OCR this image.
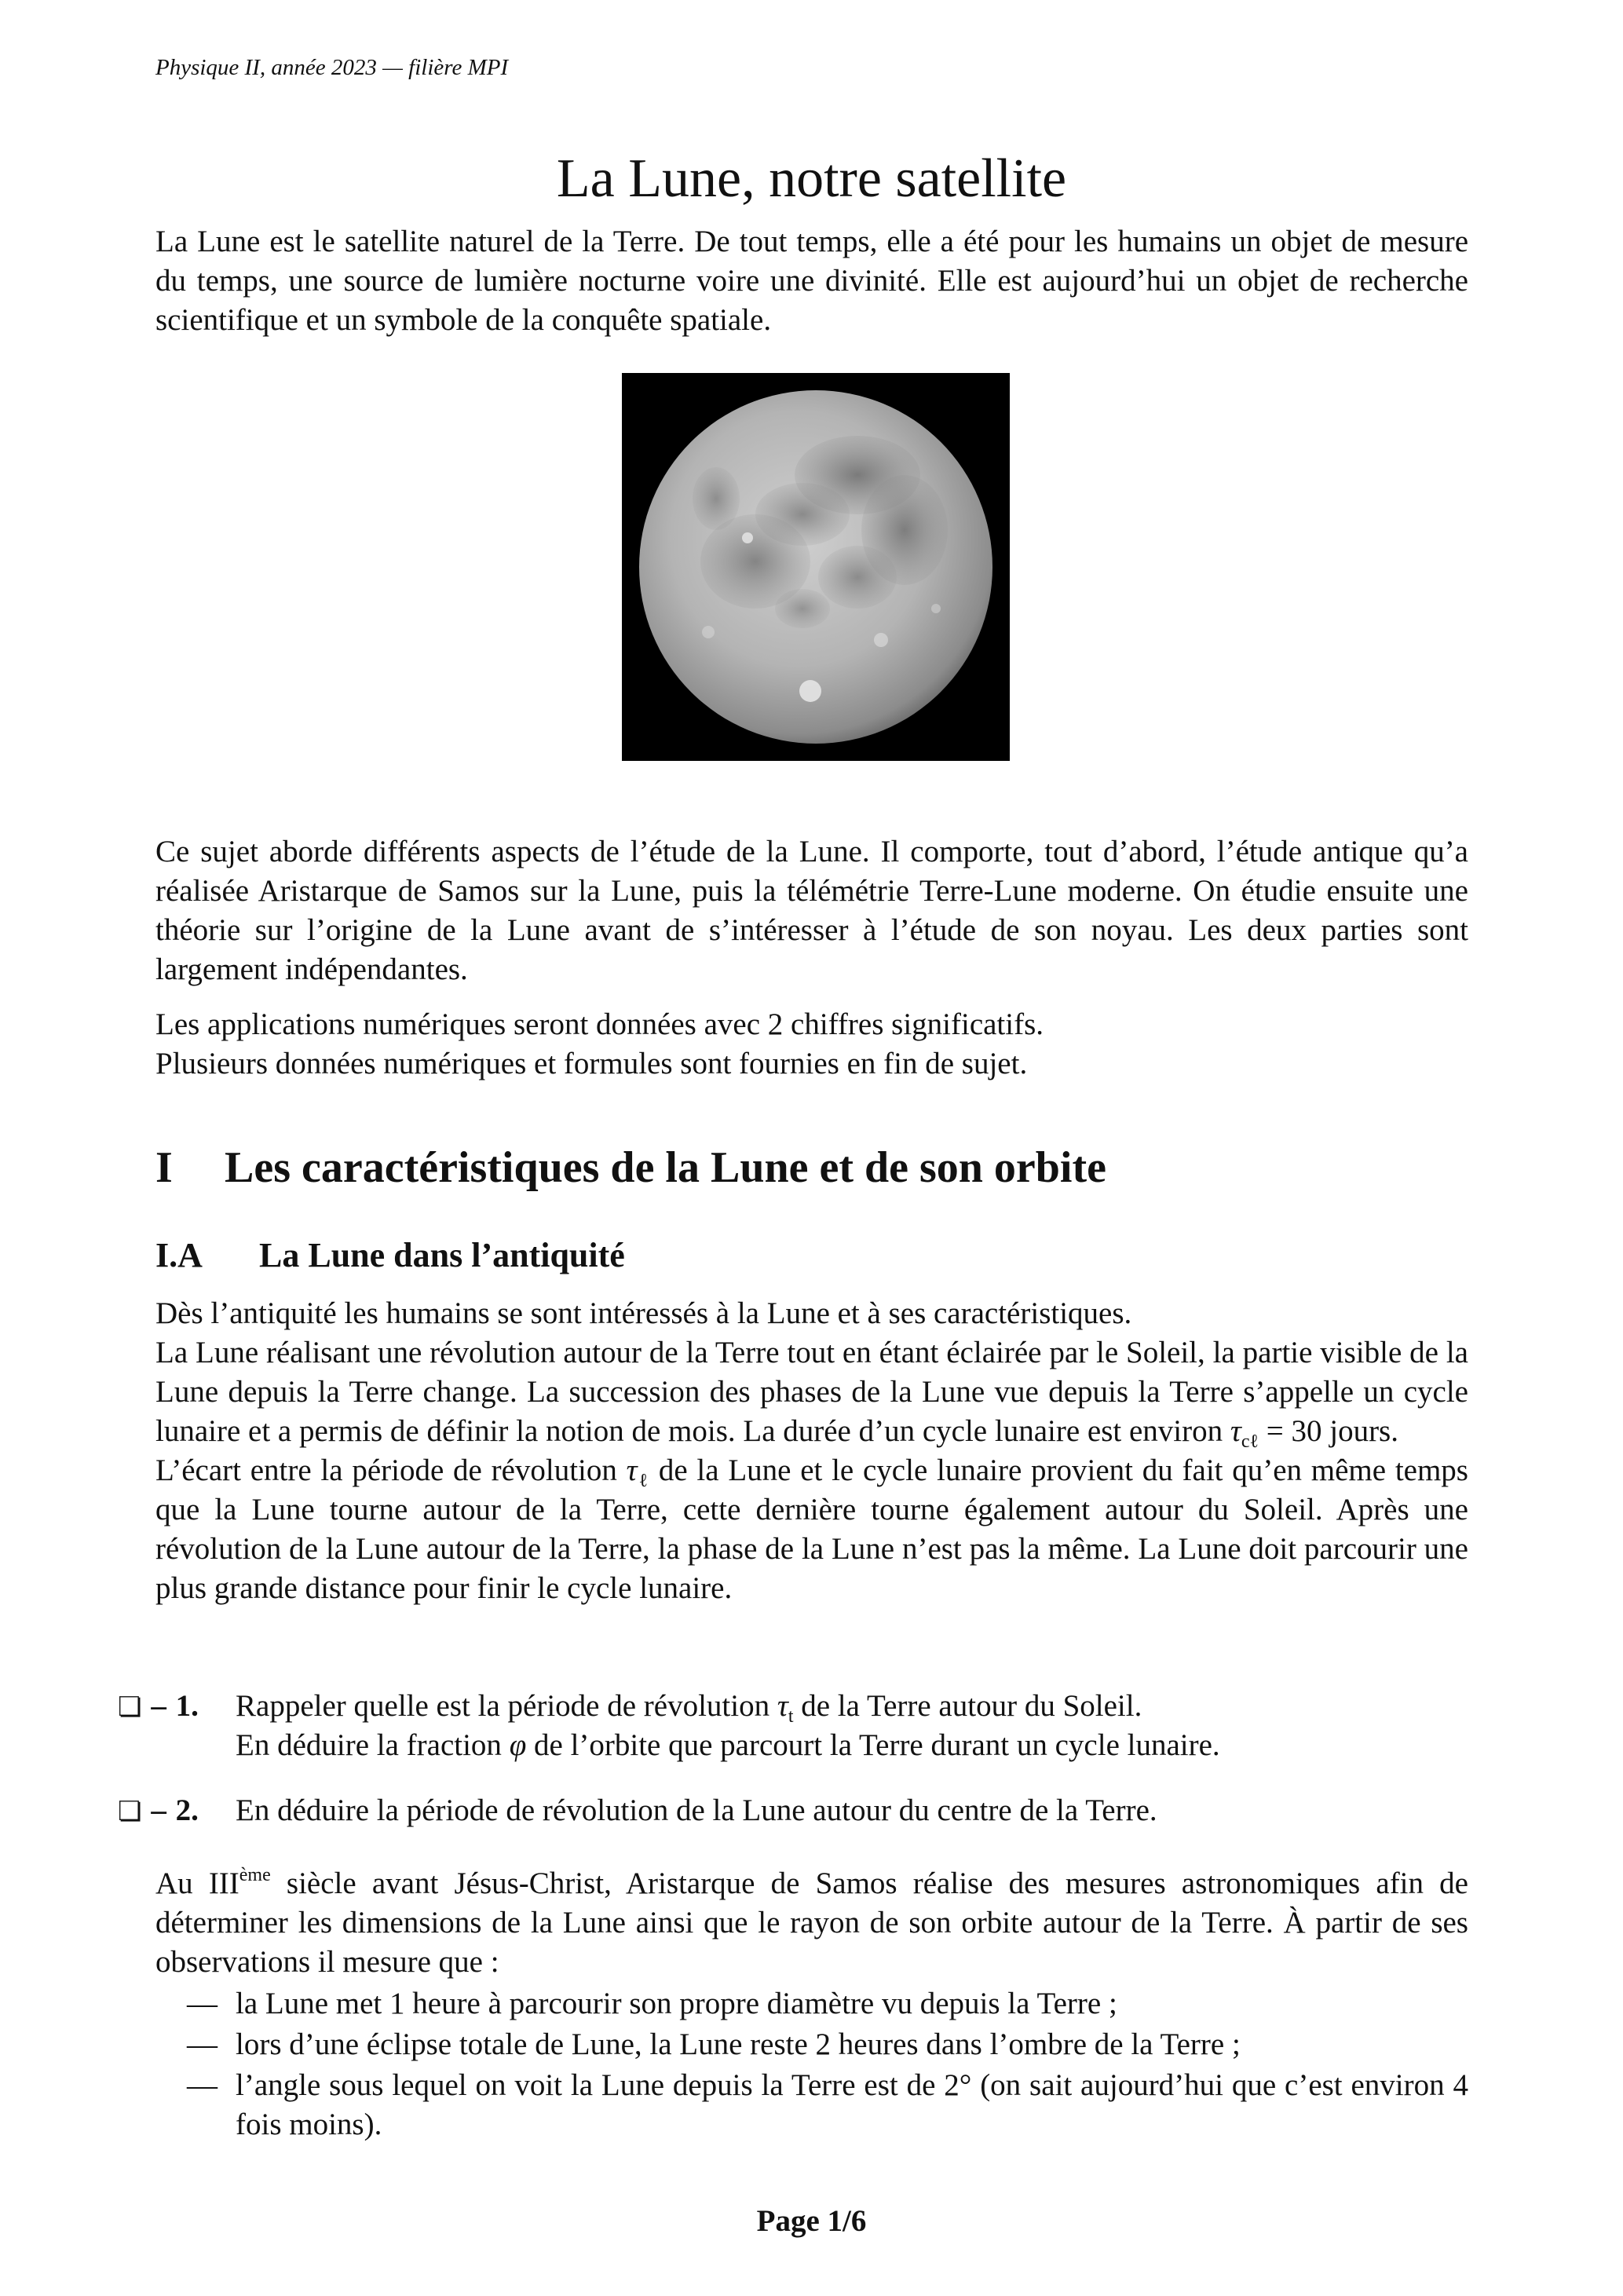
Physique II, année 2023 — filière MPI
La Lune, notre satellite

La Lune est le satellite naturel de la Terre. De tout temps, elle a été pour les humains un objet de mesure du temps, une source de lumière nocturne voire une divinité. Elle est aujourd’hui un objet de recherche scientifique et un symbole de la conquête spatiale.

Ce sujet aborde différents aspects de l’étude de la Lune. Il comporte, tout d’abord, l’étude antique qu’a réalisée Aristarque de Samos sur la Lune, puis la télémétrie Terre-Lune moderne. On étudie ensuite une théorie sur l’origine de la Lune avant de s’intéresser à l’étude de son noyau. Les deux parties sont largement indépendantes.

Les applications numériques seront données avec 2 chiffres significatifs.
Plusieurs données numériques et formules sont fournies en fin de sujet.
I Les caractéristiques de la Lune et de son orbite
I.A La Lune dans l’antiquité
Dès l’antiquité les humains se sont intéressés à la Lune et à ses caractéristiques.
La Lune réalisant une révolution autour de la Terre tout en étant éclairée par le Soleil, la partie visible de la Lune depuis la Terre change. La succession des phases de la Lune vue depuis la Terre s’appelle un cycle lunaire et a permis de définir la notion de mois. La durée d’un cycle lunaire est environ $\tau_{c\ell} = 30$ jours.
L’écart entre la période de révolution $\tau_\ell$ de la Lune et le cycle lunaire provient du fait qu’en même temps que la Lune tourne autour de la Terre, cette dernière tourne également autour du Soleil. Après une révolution de la Lune autour de la Terre, la phase de la Lune n’est pas la même. La Lune doit parcourir une plus grande distance pour finir le cycle lunaire.
❏ – 1. Rappeler quelle est la période de révolution $\tau_t$ de la Terre autour du Soleil.
En déduire la fraction φ de l’orbite que parcourt la Terre durant un cycle lunaire.
❏ – 2. En déduire la période de révolution de la Lune autour du centre de la Terre.

Au IIIème siècle avant Jésus-Christ, Aristarque de Samos réalise des mesures astronomiques afin de déterminer les dimensions de la Lune ainsi que le rayon de son orbite autour de la Terre. À partir de ses observations il mesure que :

— la Lune met 1 heure à parcourir son propre diamètre vu depuis la Terre ;
— lors d’une éclipse totale de Lune, la Lune reste 2 heures dans l’ombre de la Terre ;
— l’angle sous lequel on voit la Lune depuis la Terre est de 2° (on sait aujourd’hui que c’est environ 4 fois moins).
Page 1/6
